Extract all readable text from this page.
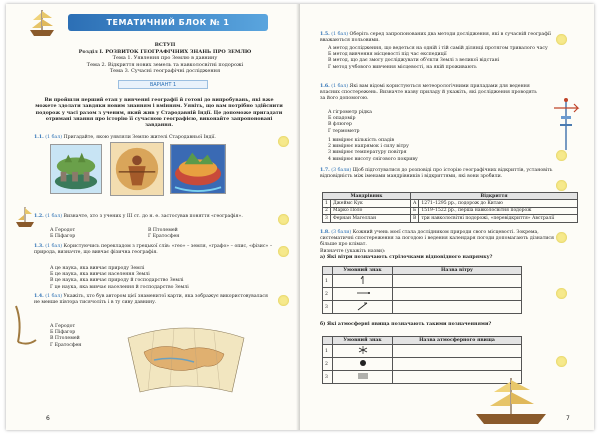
ТЕМАТИЧНИЙ БЛОК № 1
ВСТУП
Розділ I. РОЗВИТОК ГЕОГРАФІЧНИХ ЗНАНЬ ПРО ЗЕМЛЮ
Тема 1. Уявлення про Землю в давнину
Тема 2. Відкриття нових земель та навколосвітні подорожі
Тема 3. Сучасні географічні дослідження
ВАРІАНТ 1
Ви пройшли перший етап у вивченні географії й готові до випробувань, які вже можете здолати завдяки новим знанням і вмінням. Уявіть, що вам потрібно здійснити подорож у часі разом з ученим, який жив у Стародавній Індії. Це допоможе пригадати отримані знання про історію її сучасною географією, виконайте запропоновані завдання.
1.1. (1 бал) Пригадайте, якою уявляли Землю жителі Стародавньої Індії.
1.2. (1 бал) Визначте, хто з учених у III ст. до н. е. застосував поняття «географія».
А Геродот
Б Піфагор
В Птолемей
Г Ератосфен
1.3. (1 бал) Користуючись перекладом з грецької слів: «гео» – земля, «графо» – опис, «фізис» – природа, визначте, що вивчає фізична географія.
А це наука, яка вивчає природу Землі
Б це наука, яка вивчає населення Землі
В це наука, яка вивчає природу й господарство Землі
Г це наука, яка вивчає населення й господарство Землі
1.4. (1 бал) Укажіть, хто був автором цієї знаменитої карти, яка зображує використовувалася не менше півтора тисячоліть і в ту сиву давнину.
А Геродот
Б Піфагор
В Птолемей
Г Ератосфен
6
1.5. (1 бал) Оберіть серед запропонованих два методи дослідження, які в сучасній географії вважаються польовими.
А метод дослідження, що ведеться на одній і тій самій ділянці протягом тривалого часу
Б метод вивчення місцевості під час експедиції
В метод, що дає змогу досліджувати об'єкти Землі з великої відстані
Г метод учбового вивчення місцевості, на якій проживають
1.6. (1 бал) Які вам відомі користуються метеорологічними приладами для ведення власних спостережень. Визначте назву приладу й укажіть, які дослідження проводять за його допомогою.
А гігрометр рідка
Б опадомір
В флюгер
Г термометр
1 вимірює кількість опадів
2 вимірює напрямок і силу вітру
3 вимірює температуру повітря
4 вимірює висоту снігового покриву
1.7. (3 бали) Щоб підготуватися до розповіді про історію географічних відкриттів, установіть відповідність між іменами мандрівників і відкриттями, які вони зробили.
Мандрівник		Відкриття	
1	Джеймс Кук	А	1271–1295 рр., подорож до Китаю
2	Марко Поло	Б	1519–1522 рр., перша навколосвітня подорож
3	Фернан Магеллан	В	три навколосвітні подорожі, «перевідкриття» Австралії
1.8. (3 бали) Кожний учень моєї стала дослідником природи свого місцевості. Зокрема, систематичні спостереження за погодою і ведення календаря погоди допомагають дізнатися більше про клімат.
Визначте (укажіть назви):
а) Які вітри позначають стрілочками відповідного напрямку?
	Умовний знак	Назва вітру
1		
2		
3		
б) Які атмосферні явища позначають такими позначеннями?
	Умовний знак	Назва атмосферного явища
1		
2		
3		
7
